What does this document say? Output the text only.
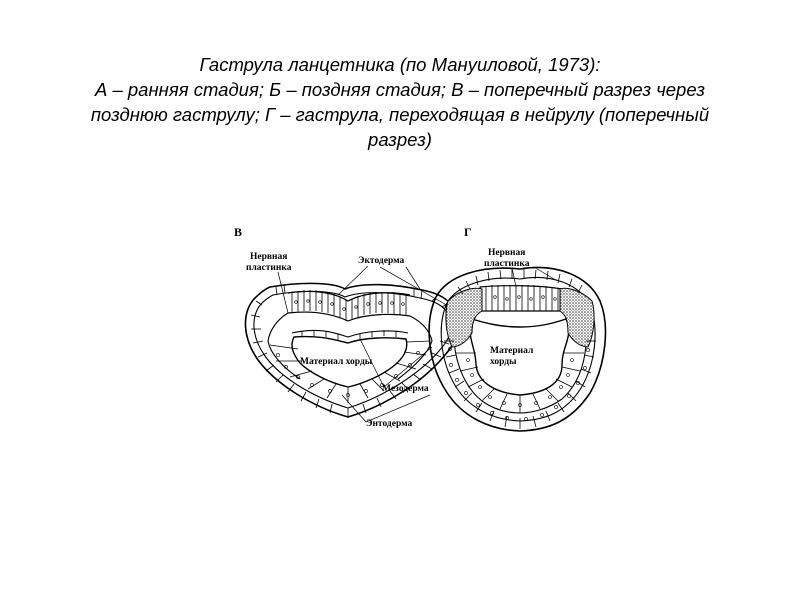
Гаструла ланцетника (по Мануиловой, 1973):
А – ранняя стадия; Б – поздняя стадия; В – поперечный разрез через
позднюю гаструлу; Г – гаструла, переходящая в нейрулу (поперечный
разрез)
В
Нервная
пластинка
Эктодерма
Материал хорды
Мезодерма
Энтодерма
Г
Нервная
пластинка
Материал
хорды
